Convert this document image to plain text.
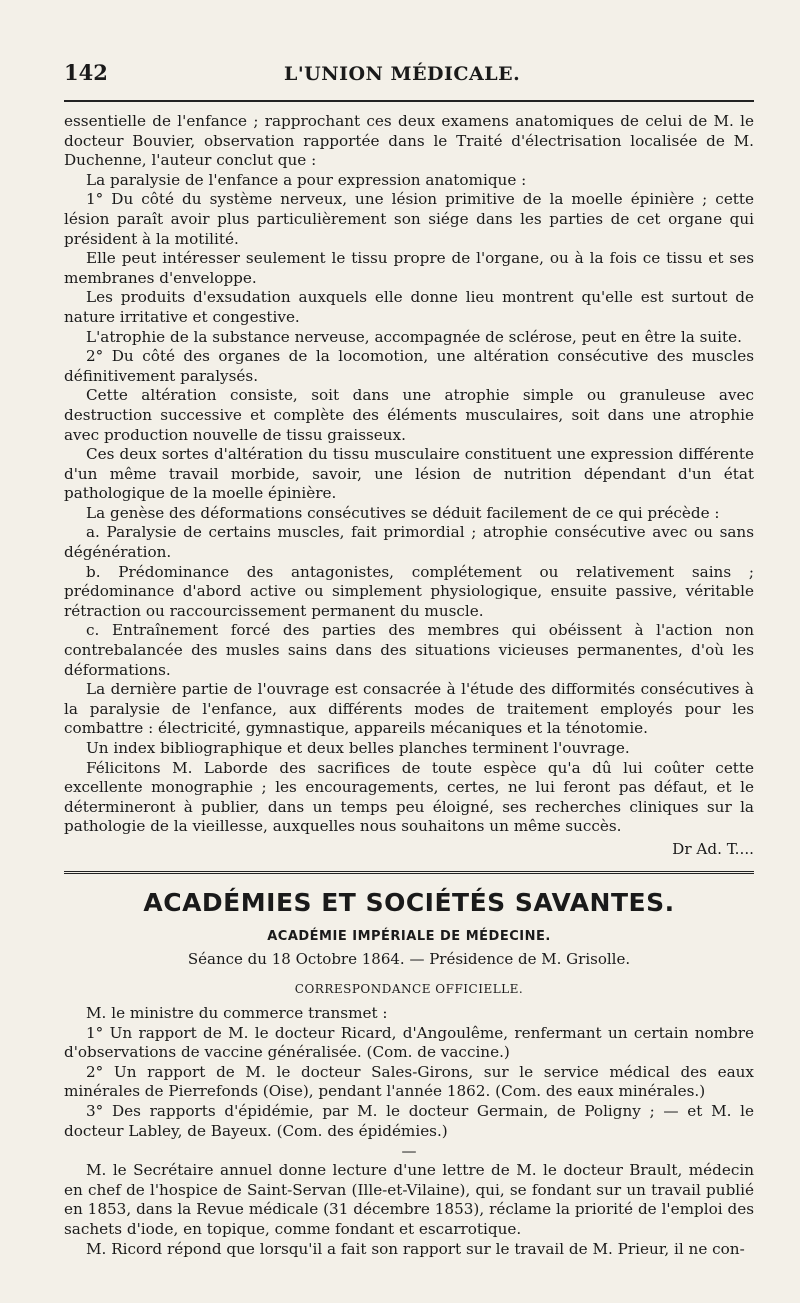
142	L'UNION MÉDICALE.

essentielle de l'enfance ; rapprochant ces deux examens anatomiques de celui de M. le docteur Bouvier, observation rapportée dans le Traité d'électrisation localisée de M. Duchenne, l'auteur conclut que :

La paralysie de l'enfance a pour expression anatomique :

1° Du côté du système nerveux, une lésion primitive de la moelle épinière ; cette lésion paraît avoir plus particulièrement son siége dans les parties de cet organe qui président à la motilité.

Elle peut intéresser seulement le tissu propre de l'organe, ou à la fois ce tissu et ses membranes d'enveloppe.

Les produits d'exsudation auxquels elle donne lieu montrent qu'elle est surtout de nature irritative et congestive.

L'atrophie de la substance nerveuse, accompagnée de sclérose, peut en être la suite.

2° Du côté des organes de la locomotion, une altération consécutive des muscles définitivement paralysés.

Cette altération consiste, soit dans une atrophie simple ou granuleuse avec destruction successive et complète des éléments musculaires, soit dans une atrophie avec production nouvelle de tissu graisseux.

Ces deux sortes d'altération du tissu musculaire constituent une expression différente d'un même travail morbide, savoir, une lésion de nutrition dépendant d'un état pathologique de la moelle épinière.

La genèse des déformations consécutives se déduit facilement de ce qui précède :

a. Paralysie de certains muscles, fait primordial ; atrophie consécutive avec ou sans dégénération.

b. Prédominance des antagonistes, complétement ou relativement sains ; prédominance d'abord active ou simplement physiologique, ensuite passive, véritable rétraction ou raccourcissement permanent du muscle.

c. Entraînement forcé des parties des membres qui obéissent à l'action non contrebalancée des musles sains dans des situations vicieuses permanentes, d'où les déformations.

La dernière partie de l'ouvrage est consacrée à l'étude des difformités consécutives à la paralysie de l'enfance, aux différents modes de traitement employés pour les combattre : électricité, gymnastique, appareils mécaniques et la ténotomie.

Un index bibliographique et deux belles planches terminent l'ouvrage.

Félicitons M. Laborde des sacrifices de toute espèce qu'a dû lui coûter cette excellente monographie ; les encouragements, certes, ne lui feront pas défaut, et le détermineront à publier, dans un temps peu éloigné, ses recherches cliniques sur la pathologie de la vieillesse, auxquelles nous souhaitons un même succès.

Dr Ad. T....

ACADÉMIES ET SOCIÉTÉS SAVANTES.
ACADÉMIE IMPÉRIALE DE MÉDECINE.
Séance du 18 Octobre 1864. — Présidence de M. Grisolle.
CORRESPONDANCE OFFICIELLE.

M. le ministre du commerce transmet :

1° Un rapport de M. le docteur Ricard, d'Angoulême, renfermant un certain nombre d'observations de vaccine généralisée. (Com. de vaccine.)

2° Un rapport de M. le docteur Sales-Girons, sur le service médical des eaux minérales de Pierrefonds (Oise), pendant l'année 1862. (Com. des eaux minérales.)

3° Des rapports d'épidémie, par M. le docteur Germain, de Poligny ; — et M. le docteur Labley, de Bayeux. (Com. des épidémies.)

—

M. le Secrétaire annuel donne lecture d'une lettre de M. le docteur Brault, médecin en chef de l'hospice de Saint-Servan (Ille-et-Vilaine), qui, se fondant sur un travail publié en 1853, dans la Revue médicale (31 décembre 1853), réclame la priorité de l'emploi des sachets d'iode, en topique, comme fondant et escarrotique.

M. Ricord répond que lorsqu'il a fait son rapport sur le travail de M. Prieur, il ne con-
